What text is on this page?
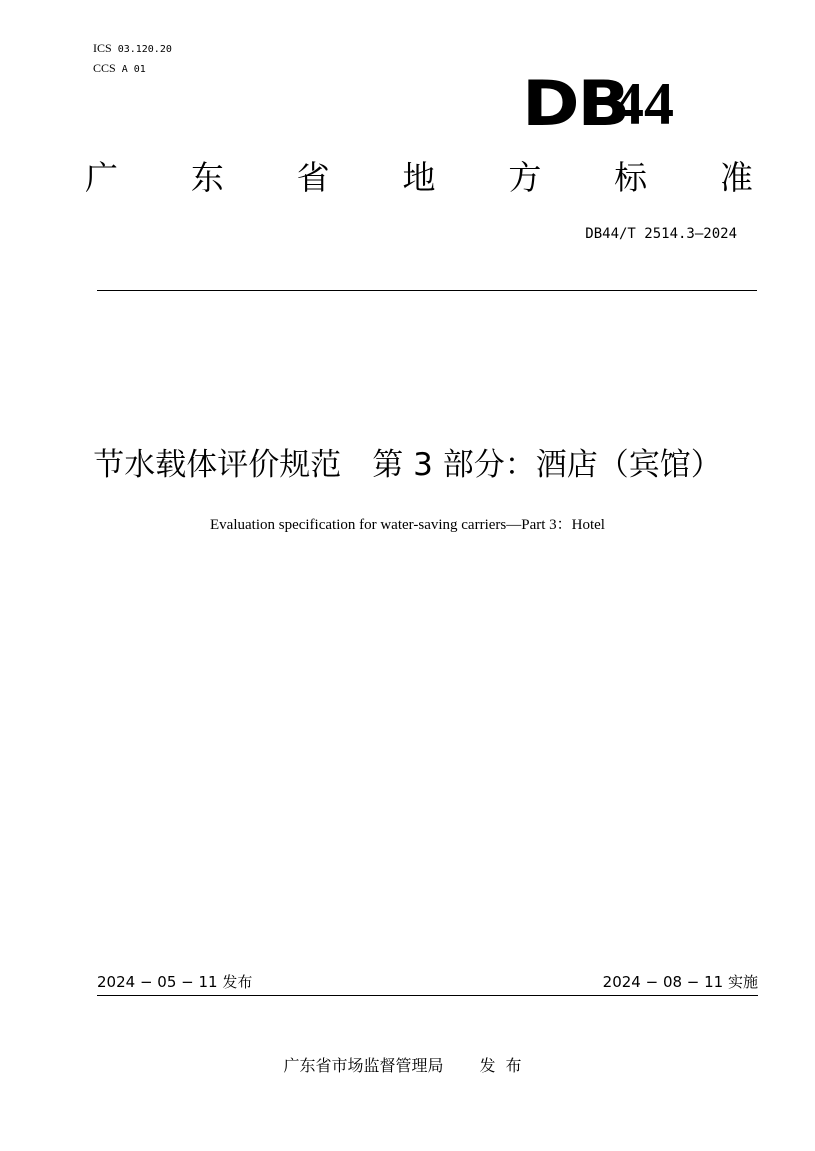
ICS 03.120.20
CCS A 01	DB
44
广 东 省 地 方 标 准
DB44/T 2514.3—2024
节水载体评价规范　第 3 部分：酒店（宾馆）
Evaluation specification for water-saving carriers—Part 3：Hotel
2024 − 05 − 11 发布	2024 − 08 − 11 实施
广东省市场监督管理局 发布
